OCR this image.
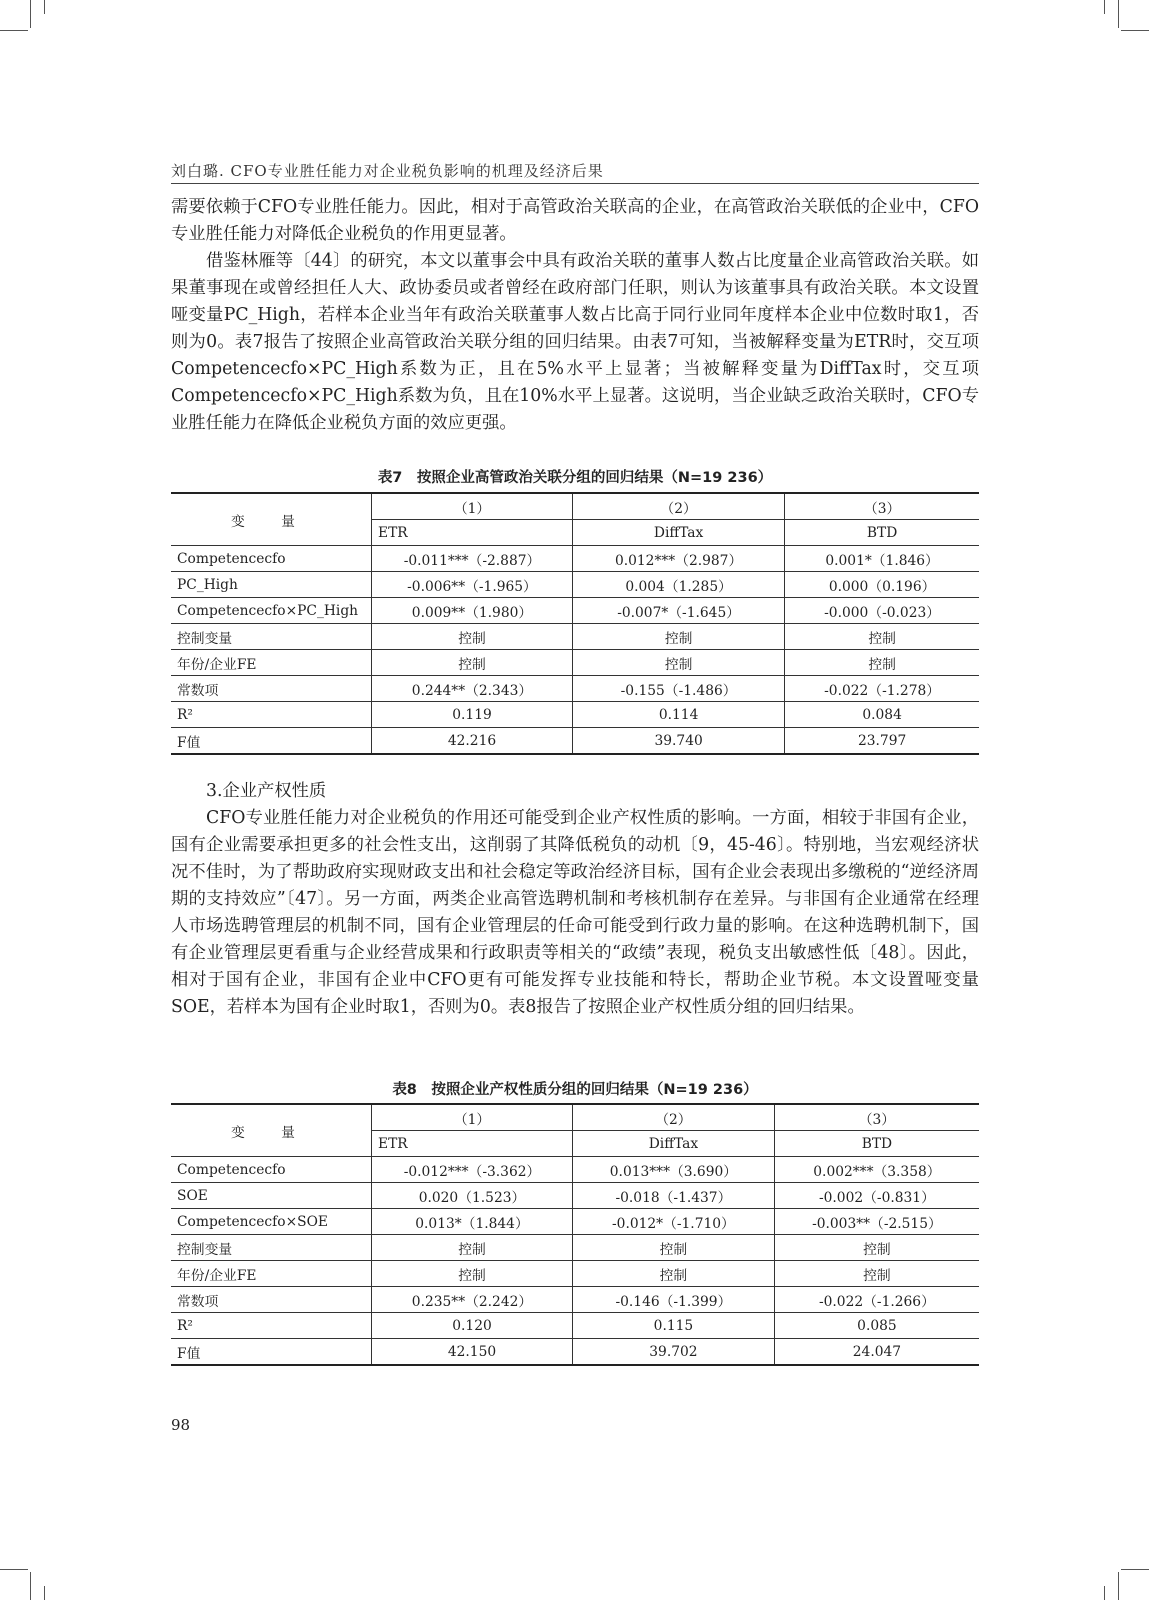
刘白璐. CFO专业胜任能力对企业税负影响的机理及经济后果

需要依赖于CFO专业胜任能力。因此，相对于高管政治关联高的企业，在高管政治关联低的企业中，CFO专业胜任能力对降低企业税负的作用更显著。

借鉴林雁等〔44〕的研究，本文以董事会中具有政治关联的董事人数占比度量企业高管政治关联。如果董事现在或曾经担任人大、政协委员或者曾经在政府部门任职，则认为该董事具有政治关联。本文设置哑变量PC_High，若样本企业当年有政治关联董事人数占比高于同行业同年度样本企业中位数时取1，否则为0。表7报告了按照企业高管政治关联分组的回归结果。由表7可知，当被解释变量为ETR时，交互项Competencecfo×PC_High系数为正，且在5%水平上显著；当被解释变量为DiffTax时，交互项Competencecfo×PC_High系数为负，且在10%水平上显著。这说明，当企业缺乏政治关联时，CFO专业胜任能力在降低企业税负方面的效应更强。

表7　按照企业高管政治关联分组的回归结果（N=19 236）
变 量	（1）	（2）	（3）
	ETR	DiffTax	BTD
Competencecfo	-0.011***（-2.887）	0.012***（2.987）	0.001*（1.846）
PC_High	-0.006**（-1.965）	0.004（1.285）	0.000（0.196）
Competencecfo×PC_High	0.009**（1.980）	-0.007*（-1.645）	-0.000（-0.023）
控制变量	控制	控制	控制
年份/企业FE	控制	控制	控制
常数项	0.244**（2.343）	-0.155（-1.486）	-0.022（-1.278）
R²	0.119	0.114	0.084
F值	42.216	39.740	23.797

3.企业产权性质

CFO专业胜任能力对企业税负的作用还可能受到企业产权性质的影响。一方面，相较于非国有企业，国有企业需要承担更多的社会性支出，这削弱了其降低税负的动机〔9，45-46〕。特别地，当宏观经济状况不佳时，为了帮助政府实现财政支出和社会稳定等政治经济目标，国有企业会表现出多缴税的“逆经济周期的支持效应”〔47〕。另一方面，两类企业高管选聘机制和考核机制存在差异。与非国有企业通常在经理人市场选聘管理层的机制不同，国有企业管理层的任命可能受到行政力量的影响。在这种选聘机制下，国有企业管理层更看重与企业经营成果和行政职责等相关的“政绩”表现，税负支出敏感性低〔48〕。因此，相对于国有企业，非国有企业中CFO更有可能发挥专业技能和特长，帮助企业节税。本文设置哑变量SOE，若样本为国有企业时取1，否则为0。表8报告了按照企业产权性质分组的回归结果。

表8　按照企业产权性质分组的回归结果（N=19 236）
变 量	（1）	（2）	（3）
	ETR	DiffTax	BTD
Competencecfo	-0.012***（-3.362）	0.013***（3.690）	0.002***（3.358）
SOE	0.020（1.523）	-0.018（-1.437）	-0.002（-0.831）
Competencecfo×SOE	0.013*（1.844）	-0.012*（-1.710）	-0.003**（-2.515）
控制变量	控制	控制	控制
年份/企业FE	控制	控制	控制
常数项	0.235**（2.242）	-0.146（-1.399）	-0.022（-1.266）
R²	0.120	0.115	0.085
F值	42.150	39.702	24.047
98
